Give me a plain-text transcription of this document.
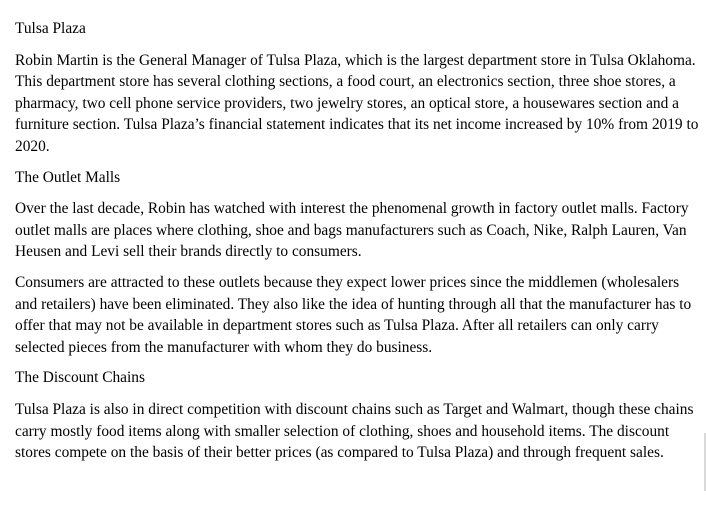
Tulsa Plaza

Robin Martin is the General Manager of Tulsa Plaza, which is the largest department store in Tulsa Oklahoma. This department store has several clothing sections, a food court, an electronics section, three shoe stores, a pharmacy, two cell phone service providers, two jewelry stores, an optical store, a housewares section and a furniture section. Tulsa Plaza’s financial statement indicates that its net income increased by 10% from 2019 to 2020.

The Outlet Malls

Over the last decade, Robin has watched with interest the phenomenal growth in factory outlet malls. Factory outlet malls are places where clothing, shoe and bags manufacturers such as Coach, Nike, Ralph Lauren, Van Heusen and Levi sell their brands directly to consumers.

Consumers are attracted to these outlets because they expect lower prices since the middlemen (wholesalers and retailers) have been eliminated. They also like the idea of hunting through all that the manufacturer has to offer that may not be available in department stores such as Tulsa Plaza. After all retailers can only carry selected pieces from the manufacturer with whom they do business.

The Discount Chains

Tulsa Plaza is also in direct competition with discount chains such as Target and Walmart, though these chains carry mostly food items along with smaller selection of clothing, shoes and household items. The discount stores compete on the basis of their better prices (as compared to Tulsa Plaza) and through frequent sales.
